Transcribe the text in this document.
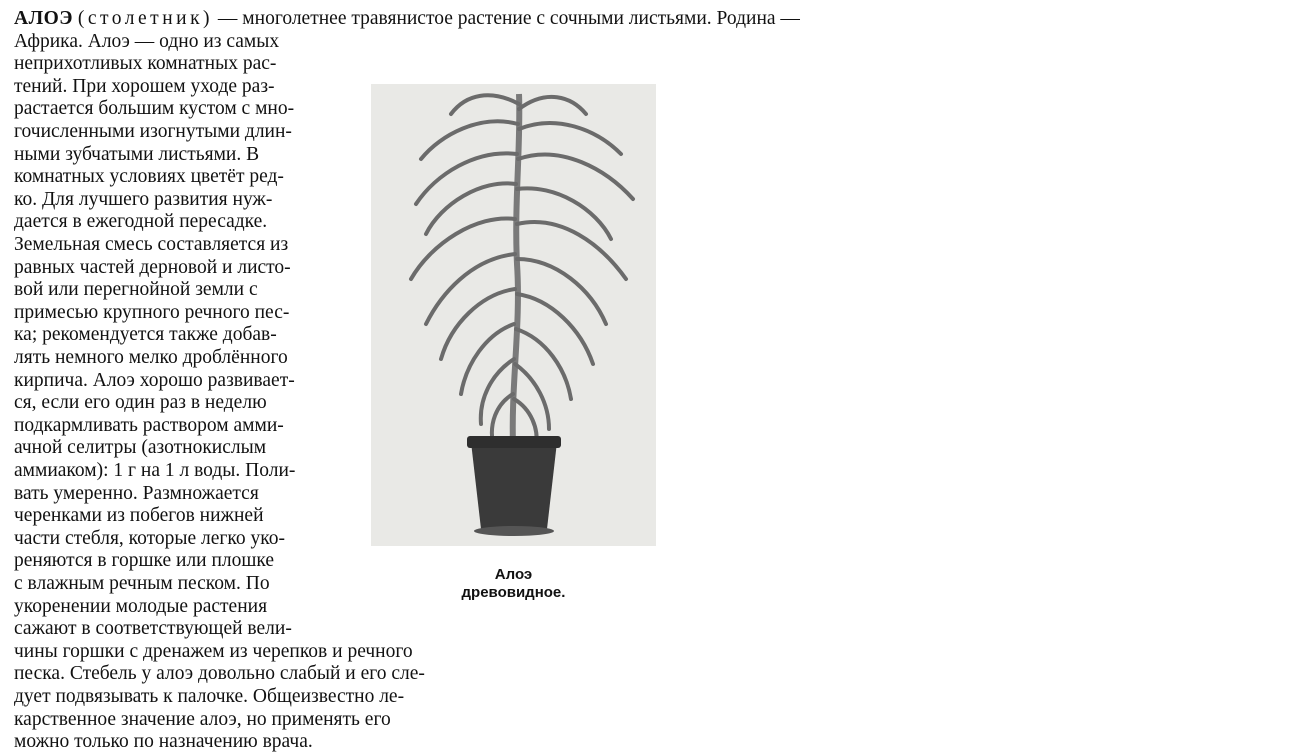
АЛОЭ (столетник) — многолетнее травянистое растение с сочными листьями. Родина —
Африка. Алоэ — одно из самых
неприхотливых комнатных рас-
тений. При хорошем уходе раз-
растается большим кустом с мно-
гочисленными изогнутыми длин-
ными зубчатыми листьями. В
комнатных условиях цветёт ред-
ко. Для лучшего развития нуж-
дается в ежегодной пересадке.
Земельная смесь составляется из
равных частей дерновой и листо-
вой или перегнойной земли с
примесью крупного речного пес-
ка; рекомендуется также добав-
лять немного мелко дроблённого
кирпича. Алоэ хорошо развивает-
ся, если его один раз в неделю
подкармливать раствором амми-
ачной селитры (азотнокислым
аммиаком): 1 г на 1 л воды. Поли-
вать умеренно. Размножается
черенками из побегов нижней
части стебля, которые легко уко-
реняются в горшке или плошке
с влажным речным песком. По
укоренении молодые растения
сажают в соответствующей вели-
чины горшки с дренажем из черепков и речного
песка. Стебель у алоэ довольно слабый и его сле-
дует подвязывать к палочке. Общеизвестно ле-
карственное значение алоэ, но применять его
можно только по назначению врача.
Алоэ
древовидное.
